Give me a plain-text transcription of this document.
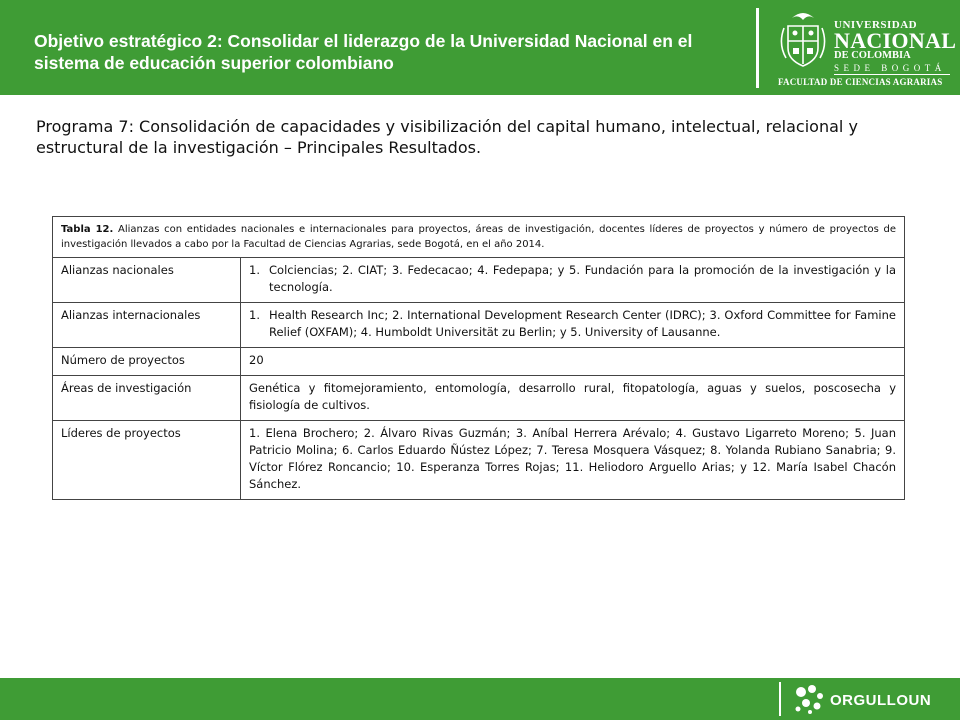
Objetivo estratégico 2: Consolidar el liderazgo de la Universidad Nacional en el sistema de educación superior colombiano
UNIVERSIDAD
NACIONAL
DE COLOMBIA
SEDE BOGOTÁ
FACULTAD DE CIENCIAS AGRARIAS
Programa 7: Consolidación de capacidades y visibilización del capital humano, intelectual, relacional y estructural de la investigación – Principales Resultados.
Tabla 12. Alianzas con entidades nacionales e internacionales para proyectos, áreas de investigación, docentes líderes de proyectos y número de proyectos de investigación llevados a cabo por la Facultad de Ciencias Agrarias, sede Bogotá, en el año 2014.	
Alianzas nacionales	1. Colciencias; 2. CIAT; 3. Fedecacao; 4. Fedepapa; y 5. Fundación para la promoción de la investigación y la tecnología.

Alianzas internacionales	1. Health Research Inc; 2. International Development Research Center (IDRC); 3. Oxford Committee for Famine Relief (OXFAM); 4. Humboldt Universität zu Berlin; y 5. University of Lausanne.

Número de proyectos	20
Áreas de investigación	Genética y fitomejoramiento, entomología, desarrollo rural, fitopatología, aguas y suelos, poscosecha y fisiología de cultivos.
Líderes de proyectos	1. Elena Brochero; 2. Álvaro Rivas Guzmán; 3. Aníbal Herrera Arévalo; 4. Gustavo Ligarreto Moreno; 5. Juan Patricio Molina; 6. Carlos Eduardo Ñústez López; 7. Teresa Mosquera Vásquez; 8. Yolanda Rubiano Sanabria; 9. Víctor Flórez Roncancio; 10. Esperanza Torres Rojas; 11. Heliodoro Arguello Arias; y 12. María Isabel Chacón Sánchez.
ORGULLOUN
